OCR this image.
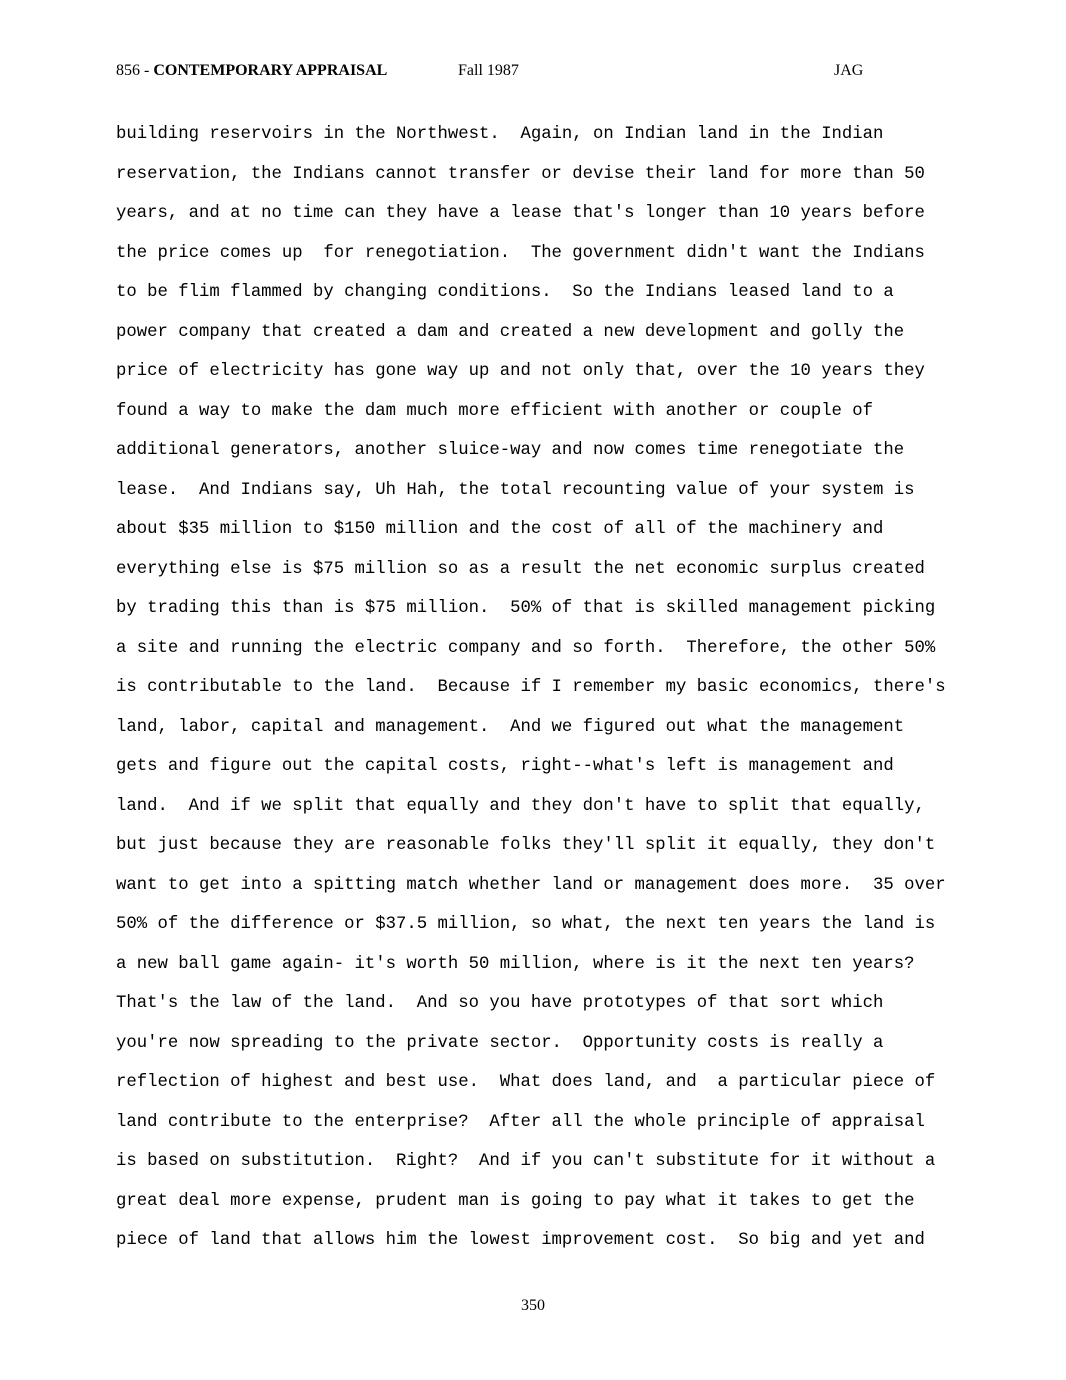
856 - CONTEMPORARY APPRAISAL	Fall 1987	JAG
building reservoirs in the Northwest.  Again, on Indian land in the Indian
reservation, the Indians cannot transfer or devise their land for more than 50
years, and at no time can they have a lease that's longer than 10 years before
the price comes up  for renegotiation.  The government didn't want the Indians
to be flim flammed by changing conditions.  So the Indians leased land to a
power company that created a dam and created a new development and golly the
price of electricity has gone way up and not only that, over the 10 years they
found a way to make the dam much more efficient with another or couple of
additional generators, another sluice-way and now comes time renegotiate the
lease.  And Indians say, Uh Hah, the total recounting value of your system is
about $35 million to $150 million and the cost of all of the machinery and
everything else is $75 million so as a result the net economic surplus created
by trading this than is $75 million.  50% of that is skilled management picking
a site and running the electric company and so forth.  Therefore, the other 50%
is contributable to the land.  Because if I remember my basic economics, there's
land, labor, capital and management.  And we figured out what the management
gets and figure out the capital costs, right--what's left is management and
land.  And if we split that equally and they don't have to split that equally,
but just because they are reasonable folks they'll split it equally, they don't
want to get into a spitting match whether land or management does more.  35 over
50% of the difference or $37.5 million, so what, the next ten years the land is
a new ball game again- it's worth 50 million, where is it the next ten years?
That's the law of the land.  And so you have prototypes of that sort which
you're now spreading to the private sector.  Opportunity costs is really a
reflection of highest and best use.  What does land, and  a particular piece of
land contribute to the enterprise?  After all the whole principle of appraisal
is based on substitution.  Right?  And if you can't substitute for it without a
great deal more expense, prudent man is going to pay what it takes to get the
piece of land that allows him the lowest improvement cost.  So big and yet and
350
